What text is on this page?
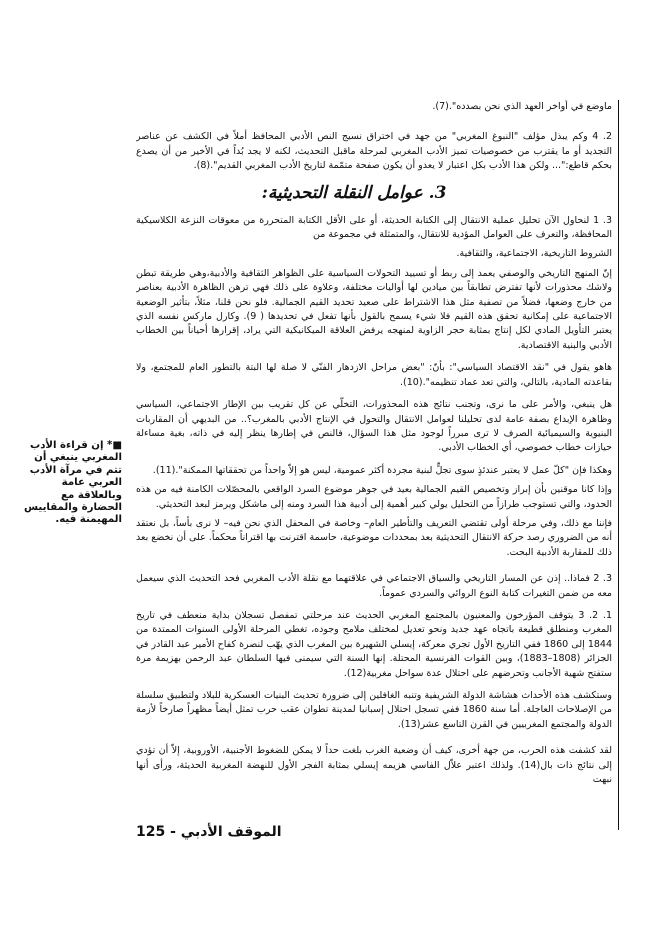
ماوضع في أواخر العهد الذي نحن بصدده".(7).

2. 4 وكم يبذل مؤلف "النبوغ المغربي" من جهد في اختراق نسيج النص الأدبي المحافظ أملاً في الكشف عن عناصر التجديد أو ما يقترب من خصوصيات تميز الأدب المغربي لمرحلة ماقبل التحديث، لكنه لا يجد بُداً في الأخير من أن يصدع بحكم قاطع:"... ولكن هذا الأدب بكل اعتبار لا يعدو أن يكون صفحة متمّمة لتاريخ الأدب المغربي القديم".(8).

3. عوامل النقلة التحديثية:

3. 1 لنحاول الآن تحليل عملية الانتقال إلى الكتابة الحديثة، أو على الأقل الكتابة المتحررة من معوقات النزعة الكلاسيكية المحافظة، والتعرف على العوامل المؤدية للانتقال، والمتمثلة في مجموعة من

الشروط التاريخية، الاجتماعية، والثقافية.

إنّ المنهج التاريخي والوصفي يعمد إلى ربط أو تسييد التحولات السياسية على الظواهر الثقافية والأدبية،وهي طريقة تبطن ولاشك محذورات لأنها تفترض تطابقاً بين ميادين لها أواليات مختلفة، وعلاوة على ذلك فهي ترهن الظاهرة الأدبية بعناصر من خارج وضعها، فضلاً من تصفية مثل هذا الاشتراط على صعيد تحديد القيم الجمالية. فلو نحن قلنا، مثلاً، بتأثير الوضعية الاجتماعية على إمكانية تحقق هذه القيم فلا شيء يسمح بالقول بأنها تفعل في تحديدها ( 9). وكارل ماركس نفسه الذي يعتبر التأويل المادي لكل إنتاج بمثابة حجر الزاوية لمنهجه يرفض العلاقة الميكانيكية التي يراد، إقرارها أحياناً بين الخطاب الأدبي والبنية الاقتصادية.

هاهو يقول في "نقد الاقتصاد السياسي": بأنّ: "بعض مراحل الازدهار الفنّي لا صلة لها البتة بالتطور العام للمجتمع، ولا بقاعدته المادية، بالتالي، والتي تعد عماد تنظيمه".(10).

هل ينبغي، والأمر على ما نرى، وتجنب نتائج هذه المحذورات، التخلّي عن كل تقريب بين الإطار الاجتماعي، السياسي وظاهرة الإبداع بصفة عامة لدى تحليلنا لعوامل الانتقال والتحول في الإنتاج الأدبي بالمغرب؟.. من البديهي أن المقاربات البنيوية والسيميائية الصرف لا ترى مبرراً لوجود مثل هذا السؤال، فالنص في إطارها ينظر إليه في ذاته، بغية مساءلة حيازات خطاب خصوصي، أي الخطاب الأدبي.

وهكذا فإن "كلّ عمل لا يعتبر عندئذٍ سوى تجلٍّ لبنية مجردة أكثر عمومية، ليس هو إلاّ واحداً من تحققاتها الممكنة".(11).

وإذا كانا موقنين بأن إبراز وتخصيص القيم الجمالية بعيد في جوهر موضوع السرد الواقعي بالمحصّلات الكامنة فيه من هذه الحدود، والتي تستوجب طرازاً من التحليل يولي كبير أهمية إلى أدبية هذا السرد ومنه إلى ماشكل ويرمز لبعد التحديثي.

فإننا مع ذلك، وفي مرحلة أولى تقتضي التعريف والتأطير العام– وخاصة في المحفل الذي نحن فيه– لا نرى بأساً، بل نعتقد أنه من الضروري رصد حركة الانتقال التحديثية بعد بمحددات موضوعية، حاسمة اقترنت بها اقتراناً محكماً. على أن نخضع بعد ذلك للمقاربة الأدبية البحت.

3. 2 فماذا.. إذن عن المسار التاريخي والسياق الاجتماعي في علاقتهما مع نقلة الأدب المغربي فحد التحديث الذي سيعمل معه من ضمن التغيرات كتابة النوع الروائي والسردي عموماً.

1. 2. 3 يتوقف المؤرخون والمعنيون بالمجتمع المغربي الحديث عند مرحلتي تمفصل تسجلان بداية منعطف في تاريخ المغرب ومنطلق قطيعة باتجاه عهد جديد ونحو تعديل لمختلف ملامح وجوده، تغطي المرحلة الأولى السنوات الممتدة من 1844 إلى 1860 ففي التاريخ الأول تجري معركة، إيسلي الشهيرة بين المغرب الذي يهّب لنصرة كفاح الأمير عبد القادر في الجزائر (1808–1883)، وبين القوات الفرنسية المحتلة. إنها السنة التي سيمنى فيها السلطان عبد الرحمن بهزيمة مرة ستفتح شهية الأجانب وتحرضهم على احتلال عدة سواحل مغربية(12).

وستكشف هذه الأحداث هشاشة الدولة الشريفية وتنبه الغافلين إلى ضرورة تحديث البنيات العسكرية للبلاد ولتطبيق سلسلة من الإصلاحات العاجلة. أما سنة 1860 ففي تسجل احتلال إسبانيا لمدينة تطوان عقب حرب تمثل أيضاً مظهراً صارخاً لأزمة الدولة والمجتمع المغربيين في القرن التاسع عشر(13).

لقد كشفت هذه الحرب، من جهة أخرى، كيف أن وضعية الغرب بلغت حداً لا يمكن للضغوط الأجنبية، الأوروبية، إلاّ أن تؤدي إلى نتائج ذات بال(14). ولذلك اعتبر علاّل الفاسي هزيمه إيسلي بمثابة الفجر الأول للنهضة المغربية الحديثة، ورأى أنها نبهت

■* إن قراءة الأدب المغربي ينبغي أن تتم في مرآة الأدب العربي عامة وبالعلاقة مع الحضارة والمقاييس المهيمنة فيه.
الموقف الأدبي - 125
